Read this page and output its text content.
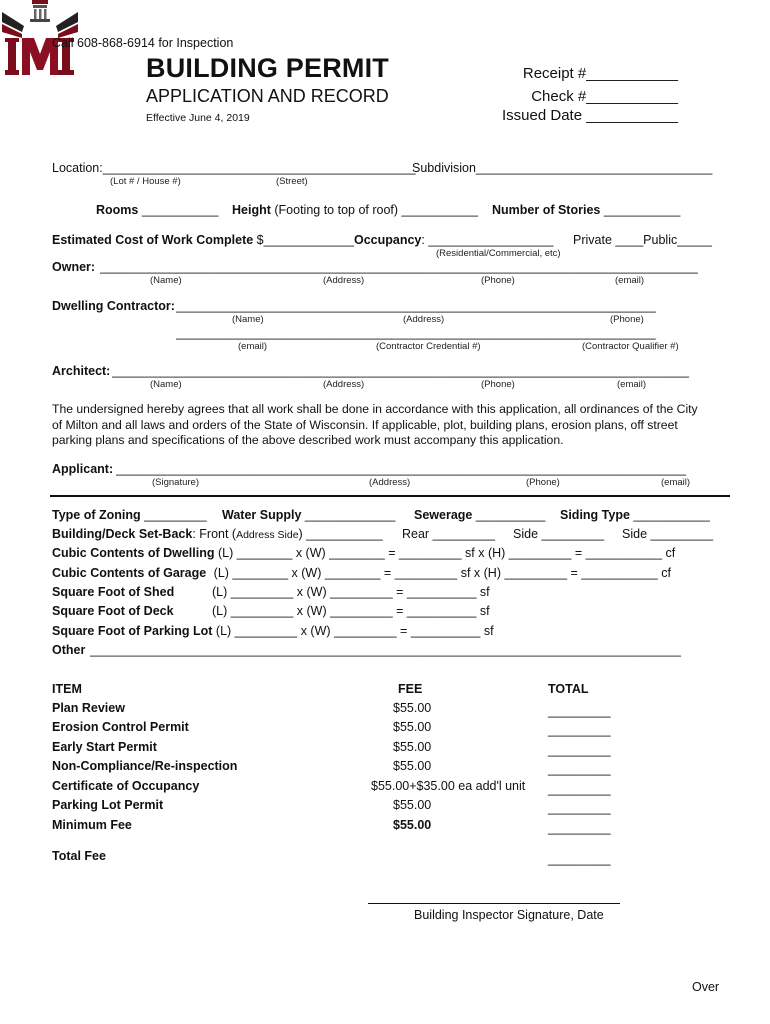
Call 608-868-6914 for Inspection
M	BUILDING PERMIT
APPLICATION AND RECORD
Effective June 4, 2019
Receipt #___________
Check #___________
Issued Date ___________
Location:_____________________________________________
Subdivision__________________________________
(Lot # / House #)	(Street)
Rooms ___________ Height (Footing to top of roof) ___________ Number of Stories ___________
Estimated Cost of Work Complete $_____________Occupancy: __________________ Private ____Public_____
(Residential/Commercial, etc)
Owner: ______________________________________________________________________________________
(Name)	(Address)	(Phone)	(email)
Dwelling Contractor: _____________________________________________________________________
(Name)	(Address)	(Phone)
_____________________________________________________________________
(email)	(Contractor Credential #)	(Contractor Qualifier #)
Architect: ___________________________________________________________________________________
(Name)	(Address)	(Phone)	(email)
The undersigned hereby agrees that all work shall be done in accordance with this application, all ordinances of the City
of Milton and all laws and orders of the State of Wisconsin. If applicable, plot, building plans, erosion plans, off street
parking plans and specifications of the above described work must accompany this application.
Applicant: __________________________________________________________________________________
(Signature)	(Address)	(Phone)	(email)
Type of Zoning _________ Water Supply _____________ Sewerage __________ Siding Type ___________
Building/Deck Set-Back: Front (Address Side) ___________ Rear _________ Side _________ Side _________
Cubic Contents of Dwelling (L) ________ x (W) ________ = _________ sf x (H) _________ = ___________ cf
Cubic Contents of Garage (L) ________ x (W) ________ = _________ sf x (H) _________ = ___________ cf
Square Foot of Shed	(L) _________ x (W) _________ = __________ sf
Square Foot of Deck	(L) _________ x (W) _________ = __________ sf
Square Foot of Parking Lot (L) _________ x (W) _________ = __________ sf
Other _____________________________________________________________________________________
ITEM	FEE	TOTAL
Plan Review	$55.00	_________
Erosion Control Permit	$55.00	_________
Early Start Permit	$55.00	_________
Non-Compliance/Re-inspection	$55.00	_________
Certificate of Occupancy	$55.00+$35.00 ea add'l unit _________
Parking Lot Permit	$55.00	_________
Minimum Fee	$55.00	_________
Total Fee	_________
Building Inspector Signature, Date
Over
